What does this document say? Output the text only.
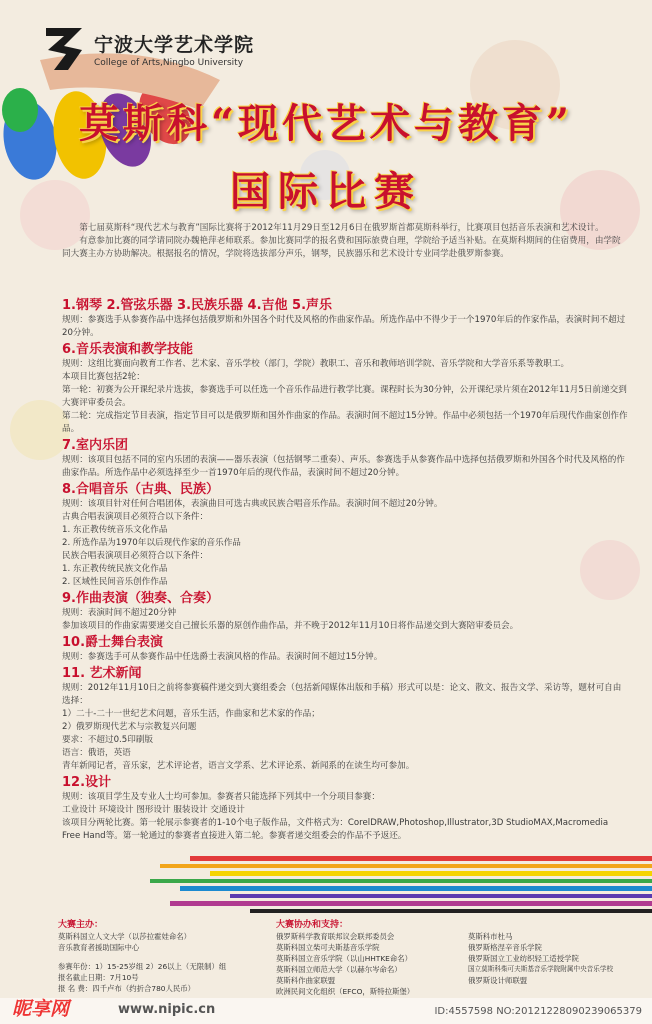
宁波大学艺术学院
College of Arts,Ningbo University
莫斯科“现代艺术与教育”
国际比赛

第七届莫斯科“现代艺术与教育”国际比赛将于2012年11月29日至12月6日在俄罗斯首都莫斯科举行，比赛项目包括音乐表演和艺术设计。

有意参加比赛的同学请同院办魏艳萍老师联系。参加比赛同学的报名费和国际旅费自理，学院给予适当补贴。在莫斯科期间的住宿费用，由学院同大赛主办方协助解决。根据报名的情况，学院将选拔部分声乐，钢琴，民族器乐和艺术设计专业同学赴俄罗斯参赛。

1.钢琴 2.管弦乐器 3.民族乐器 4.吉他 5.声乐
规则：参赛选手从参赛作品中选择包括俄罗斯和外国各个时代及风格的作曲家作品。所选作品中不得少于一个1970年后的作家作品，表演时间不超过20分钟。
6.音乐表演和教学技能
规则：这组比赛面向教育工作者、艺术家、音乐学校（部门，学院）教职工、音乐和教师培训学院、音乐学院和大学音乐系等教职工。
本项目比赛包括2轮：
第一轮：初赛为公开课纪录片选拔，参赛选手可以任选一个音乐作品进行教学比赛。课程时长为30分钟，公开课纪录片须在2012年11月5日前递交到大赛评审委员会。
第二轮：完成指定节目表演，指定节目可以是俄罗斯和国外作曲家的作品。表演时间不超过15分钟。作品中必须包括一个1970年后现代作曲家创作作品。
7.室内乐团
规则：该项目包括不同的室内乐团的表演——器乐表演（包括钢琴二重奏）、声乐。参赛选手从参赛作品中选择包括俄罗斯和外国各个时代及风格的作曲家作品。所选作品中必须选择至少一首1970年后的现代作品，表演时间不超过20分钟。
8.合唱音乐（古典、民族）
规则：该项目针对任何合唱团体，表演曲目可选古典或民族合唱音乐作品。表演时间不超过20分钟。
古典合唱表演项目必须符合以下条件：
1. 东正教传统音乐文化作品
2. 所选作品为1970年以后现代作家的音乐作品
民族合唱表演项目必须符合以下条件：
1. 东正教传统民族文化作品
2. 区域性民间音乐创作作品
9.作曲表演（独奏、合奏）
规则：表演时间不超过20分钟
参加该项目的作曲家需要递交自己擅长乐器的原创作曲作品，并不晚于2012年11月10日将作品递交到大赛陪审委员会。
10.爵士舞台表演
规则：参赛选手可从参赛作品中任选爵士表演风格的作品。表演时间不超过15分钟。
11. 艺术新闻
规则：2012年11月10日之前将参赛稿件递交到大赛组委会（包括新闻媒体出版和手稿）形式可以是：论文、散文、报告文学、采访等，题材可自由选择：
1）二十-二十一世纪艺术问题，音乐生活，作曲家和艺术家的作品；
2）俄罗斯现代艺术与宗教复兴问题
要求：不超过0.5印刷版
语言：俄语，英语
青年新闻记者，音乐家，艺术评论者，语言文学系、艺术评论系、新闻系的在读生均可参加。
12.设计
规则：该项目学生及专业人士均可参加。参赛者只能选择下列其中一个分项目参赛：
工业设计 环境设计 图形设计 服装设计 交通设计
该项目分两轮比赛。第一轮展示参赛者的1-10个电子版作品，文件格式为：CorelDRAW,Photoshop,Illustrator,3D StudioMAX,Macromedia Free Hand等。第一轮通过的参赛者直接进入第二轮。参赛者递交组委会的作品不予返还。
大赛主办：
莫斯科国立人文大学（以莎拉霍娃命名）
音乐教育者援助国际中心
参赛年份：1）15-25岁组 2）26以上（无限制）组
报名截止日期：7月10号
报 名 费：四千卢布（约折合780人民币）
大赛协办和支持：
俄罗斯科学教育联邦议会联邦委员会
莫斯科国立柴可夫斯基音乐学院
莫斯科国立音乐学院（以山HHTKE命名）
莫斯科国立师范大学（以赫尔岑命名）
莫斯科作曲家联盟
欧洲民间文化组织（EFCO，斯特拉斯堡）
莫斯科市杜马
俄罗斯格涅辛音乐学院
俄罗斯国立工业纺织轻工适授学院
国立莫斯科柴可夫斯基音乐学院附属中央音乐学校
俄罗斯设计师联盟
昵享网	www.nipic.cn	ID:4557598 NO:20121228090239065379
